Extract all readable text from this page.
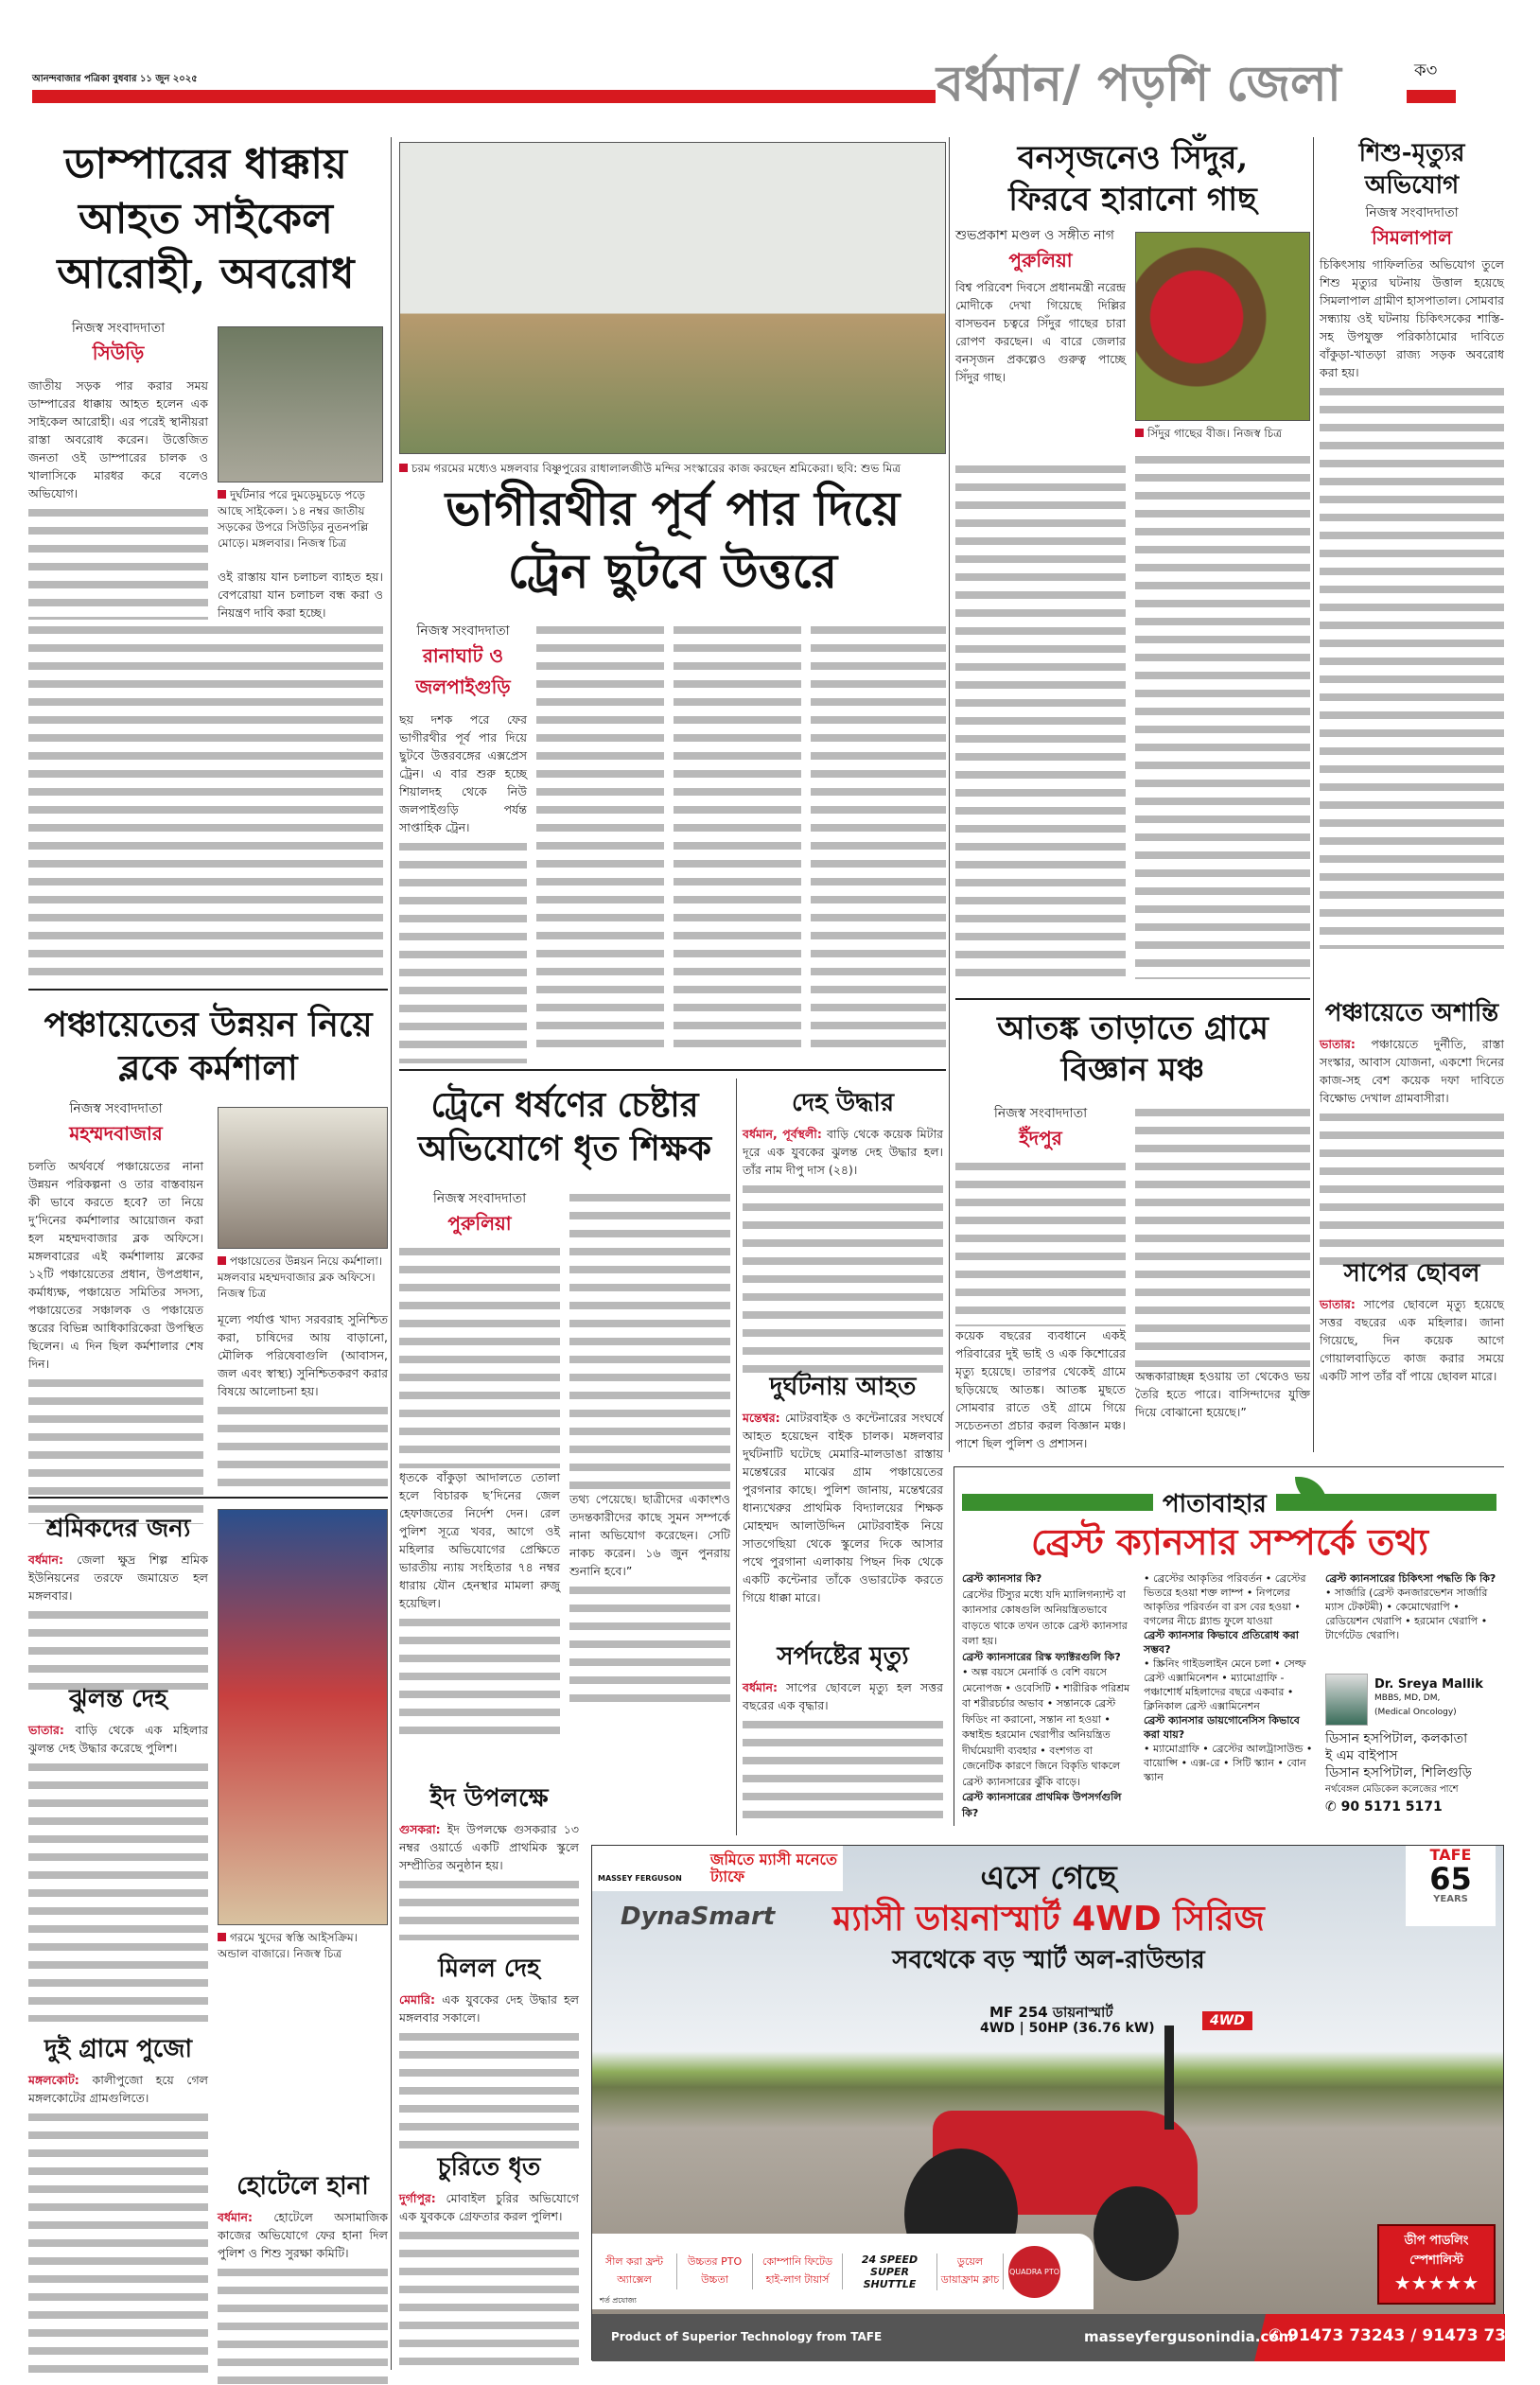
আনন্দবাজার পত্রিকা বুধবার ১১ জুন ২০২৫	বর্ধমান/ পড়শি জেলা	ক৩
ডাম্পারের ধাক্কায় আহত সাইকেল আরোহী, অবরোধ
নিজস্ব সংবাদদাতা
সিউড়ি
জাতীয় সড়ক পার করার সময় ডাম্পারের ধাক্কায় আহত হলেন এক সাইকেল আরোহী। এর পরেই স্থানীয়রা রাস্তা অবরোধ করেন। উত্তেজিত জনতা ওই ডাম্পারের চালক ও খালাসিকে মারধর করে বলেও অভিযোগ।	দুর্ঘটনার পরে দুমড়েমুচড়ে পড়ে আছে সাইকেল। ১৪ নম্বর জাতীয় সড়কের উপরে সিউড়ির নুতনপল্লি মোড়ে। মঙ্গলবার। নিজস্ব চিত্র
ওই রাস্তায় যান চলাচল ব্যাহত হয়। বেপরোয়া যান চলাচল বন্ধ করা ও নিয়ন্ত্রণ দাবি করা হচ্ছে।
পঞ্চায়েতের উন্নয়ন নিয়ে ব্লকে কর্মশালা
নিজস্ব সংবাদদাতা
মহম্মদবাজার
চলতি অর্থবর্ষে পঞ্চায়েতের নানা উন্নয়ন পরিকল্পনা ও তার বাস্তবায়ন কী ভাবে করতে হবে? তা নিয়ে দু’দিনের কর্মশালার আয়োজন করা হল মহম্মদবাজার ব্লক অফিসে। মঙ্গলবারের এই কর্মশালায় ব্লকের ১২টি পঞ্চায়েতের প্রধান, উপপ্রধান, কর্মাধ্যক্ষ, পঞ্চায়েত সমিতির সদস্য, পঞ্চায়েতের সঞ্চালক ও পঞ্চায়েত স্তরের বিভিন্ন আধিকারিকেরা উপস্থিত ছিলেন। এ দিন ছিল কর্মশালার শেষ দিন।
পঞ্চায়েতের উন্নয়ন নিয়ে কর্মশালা। মঙ্গলবার মহম্মদবাজার ব্লক অফিসে। নিজস্ব চিত্র
মূল্যে পর্যাপ্ত খাদ্য সরবরাহ সুনিশ্চিত করা, চাষিদের আয় বাড়ানো, মৌলিক পরিষেবাগুলি (আবাসন, জল এবং স্বাস্থ্য) সুনিশ্চিতকরণ করার বিষয়ে আলোচনা হয়।
শ্রমিকদের জন্য
বর্ধমান: জেলা ক্ষুদ্র শিল্প শ্রমিক ইউনিয়নের তরফে জমায়েত হল মঙ্গলবার।
ঝুলন্ত দেহ
ভাতার: বাড়ি থেকে এক মহিলার ঝুলন্ত দেহ উদ্ধার করেছে পুলিশ।
গরমে খুদের স্বস্তি আইসক্রিম। অন্ডাল বাজারে। নিজস্ব চিত্র
দুই গ্রামে পুজো
মঙ্গলকোট: কালীপুজো হয়ে গেল মঙ্গলকোটের গ্রামগুলিতে।
হোটেলে হানা
বর্ধমান: হোটেলে অসামাজিক কাজের অভিযোগে ফের হানা দিল পুলিশ ও শিশু সুরক্ষা কমিটি।
চরম গরমের মধ্যেও মঙ্গলবার বিষ্ণুপুরের রাধালালজীউ মন্দির সংস্কারের কাজ করছেন শ্রমিকেরা। ছবি: শুভ মিত্র
ভাগীরথীর পূর্ব পার দিয়ে ট্রেন ছুটবে উত্তরে
নিজস্ব সংবাদদাতা
রানাঘাট ও জলপাইগুড়ি
ছয় দশক পরে ফের ভাগীরথীর পূর্ব পার দিয়ে ছুটবে উত্তরবঙ্গের এক্সপ্রেস ট্রেন। এ বার শুরু হচ্ছে শিয়ালদহ থেকে নিউ জলপাইগুড়ি পর্যন্ত সাপ্তাহিক ট্রেন।
ট্রেনে ধর্ষণের চেষ্টার অভিযোগে ধৃত শিক্ষক
নিজস্ব সংবাদদাতা
পুরুলিয়া
ধৃতকে বাঁকুড়া আদালতে তোলা হলে বিচারক ছ’দিনের জেল হেফাজতের নির্দেশ দেন। রেল পুলিশ সূত্রে খবর, আগে ওই মহিলার অভিযোগের প্রেক্ষিতে ভারতীয় ন্যায় সংহিতার ৭৪ নম্বর ধারায় যৌন হেনস্থার মামলা রুজু হয়েছিল।
তথ্য পেয়েছে। ছাত্রীদের একাংশও তদন্তকারীদের কাছে সুমন সম্পর্কে নানা অভিযোগ করেছেন। সেটি নাকচ করেন। ১৬ জুন পুনরায় শুনানি হবে।”
দেহ উদ্ধার
বর্ধমান, পূর্বস্থলী: বাড়ি থেকে কয়েক মিটার দূরে এক যুবকের ঝুলন্ত দেহ উদ্ধার হল। তাঁর নাম দীপু দাস (২৪)।
দুর্ঘটনায় আহত
মন্তেশ্বর: মোটরবাইক ও কন্টেনারের সংঘর্ষে আহত হয়েছেন বাইক চালক। মঙ্গলবার দুর্ঘটনাটি ঘটেছে মেমারি-মালডাঙা রাস্তায় মন্তেশ্বরের মাঝের গ্রাম পঞ্চায়েতের পুরগনার কাছে। পুলিশ জানায়, মন্তেশ্বরের ধান্যখেরুর প্রাথমিক বিদ্যালয়ের শিক্ষক মোহম্মদ আলাউদ্দিন মোটরবাইক নিয়ে সাতগেছিয়া থেকে স্কুলের দিকে আসার পথে পুরগানা এলাকায় পিছন দিক থেকে একটি কন্টেনার তাঁকে ওভারটেক করতে গিয়ে ধাক্কা মারে।
সর্পদষ্টের মৃত্যু
বর্ধমান: সাপের ছোবলে মৃত্যু হল সত্তর বছরের এক বৃদ্ধার।
ইদ উপলক্ষে
গুসকরা: ইদ উপলক্ষে গুসকরার ১৩ নম্বর ওয়ার্ডে একটি প্রাথমিক স্কুলে সম্প্রীতির অনুষ্ঠান হয়।
মিলল দেহ
মেমারি: এক যুবকের দেহ উদ্ধার হল মঙ্গলবার সকালে।
চুরিতে ধৃত
দুর্গাপুর: মোবাইল চুরির অভিযোগে এক যুবককে গ্রেফতার করল পুলিশ।
বনসৃজনেও সিঁদুর, ফিরবে হারানো গাছ
শুভপ্রকাশ মণ্ডল ও সঙ্গীত নাগ
পুরুলিয়া
বিশ্ব পরিবেশ দিবসে প্রধানমন্ত্রী নরেন্দ্র মোদীকে দেখা গিয়েছে দিল্লির বাসভবন চত্বরে সিঁদুর গাছের চারা রোপণ করছেন। এ বারে জেলার বনসৃজন প্রকল্পেও গুরুত্ব পাচ্ছে সিঁদুর গাছ।
সিঁদুর গাছের বীজ। নিজস্ব চিত্র
শিশু-মৃত্যুর অভিযোগ
নিজস্ব সংবাদদাতা
সিমলাপাল
চিকিৎসায় গাফিলতির অভিযোগ তুলে শিশু মৃত্যুর ঘটনায় উত্তাল হয়েছে সিমলাপাল গ্রামীণ হাসপাতাল। সোমবার সন্ধ্যায় ওই ঘটনায় চিকিৎসকের শাস্তি-সহ উপযুক্ত পরিকাঠামোর দাবিতে বাঁকুড়া-খাতড়া রাজ্য সড়ক অবরোধ করা হয়।
পঞ্চায়েতে অশান্তি
ভাতার: পঞ্চায়েতে দুর্নীতি, রাস্তা সংস্কার, আবাস যোজনা, একশো দিনের কাজ-সহ বেশ কয়েক দফা দাবিতে বিক্ষোভ দেখাল গ্রামবাসীরা।
সাপের ছোবল
ভাতার: সাপের ছোবলে মৃত্যু হয়েছে সত্তর বছরের এক মহিলার। জানা গিয়েছে, দিন কয়েক আগে গোয়ালবাড়িতে কাজ করার সময়ে একটি সাপ তাঁর বাঁ পায়ে ছোবল মারে।
আতঙ্ক তাড়াতে গ্রামে বিজ্ঞান মঞ্চ
নিজস্ব সংবাদদাতা
ইঁদপুর
কয়েক বছরের ব্যবধানে একই পরিবারের দুই ভাই ও এক কিশোরের মৃত্যু হয়েছে। তারপর থেকেই গ্রামে ছড়িয়েছে আতঙ্ক। আতঙ্ক মুছতে সোমবার রাতে ওই গ্রামে গিয়ে সচেতনতা প্রচার করল বিজ্ঞান মঞ্চ। পাশে ছিল পুলিশ ও প্রশাসন।
অন্ধকারাচ্ছন্ন হওয়ায় তা থেকেও ভয় তৈরি হতে পারে। বাসিন্দাদের যুক্তি দিয়ে বোঝানো হয়েছে।”
পাতাবাহার
ব্রেস্ট ক্যানসার সম্পর্কে তথ্য
ব্রেস্ট ক্যানসার কি?
ব্রেস্টের টিস্যুর মধ্যে যদি ম্যালিগন্যান্ট বা ক্যানসার কোষগুলি অনিয়ন্ত্রিতভাবে বাড়তে থাকে তখন তাকে ব্রেস্ট ক্যানসার বলা হয়।
ব্রেস্ট ক্যানসারের রিস্ক ফ্যাক্টরগুলি কি?
• অল্প বয়সে মেনার্কি ও বেশি বয়সে মেনোপজ • ওবেসিটি • শারীরিক পরিশ্রম বা শরীরচর্চার অভাব • সন্তানকে ব্রেস্ট ফিডিং না করানো, সন্তান না হওয়া • কম্বাইন্ড হরমোন থেরাপীর অনিয়ন্ত্রিত দীর্ঘমেয়াদী ব্যবহার • বংশগত বা জেনেটিক কারণে জিনে বিকৃতি থাকলে ব্রেস্ট ক্যানসারের ঝুঁকি বাড়ে।
ব্রেস্ট ক্যানসারের প্রাথমিক উপসর্গগুলি কি?
• ব্রেস্টের আকৃতির পরিবর্তন • ব্রেস্টের ভিতরে হওয়া শক্ত লাম্প • নিপলের আকৃতির পরিবর্তন বা রস বের হওয়া • বগলের নীচে গ্ল্যান্ড ফুলে যাওয়া
ব্রেস্ট ক্যানসার কিভাবে প্রতিরোধ করা সম্ভব?
• স্ক্রিনিং গাইডলাইন মেনে চলা • সেল্ফ ব্রেস্ট এক্সামিনেশন • ম্যামোগ্রাফি - পঞ্চাশোর্ধ মহিলাদের বছরে একবার • ক্লিনিকাল ব্রেস্ট এক্সামিনেশন
ব্রেস্ট ক্যানসার ডায়গোনেসিস কিভাবে করা যায়?
• ম্যামোগ্রাফি • ব্রেস্টের আলট্রাসাউন্ড • বায়োপ্সি • এক্স-রে • সিটি স্ক্যান • বোন স্ক্যান
ব্রেস্ট ক্যানসারের চিকিৎসা পদ্ধতি কি কি?
• সার্জারি (ব্রেস্ট কনজারভেশন সার্জারি ম্যাস টেকটমী) • কেমোথেরাপি • রেডিয়েশন থেরাপি • হরমোন থেরাপি • টার্গেটেড থেরাপি।
Dr. Sreya Mallik
MBBS, MD, DM,
(Medical Oncology)
ডিসান হসপিটাল, কলকাতা
ই এম বাইপাস
ডিসান হসপিটাল, শিলিগুড়ি
নর্থবেঙ্গল মেডিকেল কলেজের পাশে
✆ 90 5171 5171
MASSEY FERGUSON
জমিতে ম্যাসী মনেতে ট্যাফে
DynaSmart
এসে গেছে
ম্যাসী ডায়নাস্মার্ট 4WD সিরিজ
সবথেকে বড় স্মার্ট অল-রাউন্ডার
TAFE
65
YEARS
MF 254 ডায়নাস্মার্ট
4WD | 50HP (36.76 kW)	4WD
সীল করা ফ্রন্ট অ্যাক্সেল
উচ্চতর PTO উচ্চতা
কোম্পানি ফিটেড হাই-লাগ টায়ার্স
24 SPEED SUPER SHUTTLE
ডুয়েল ডায়াফ্রাম ক্লাচ
QUADRA PTO
শর্ত প্রযোজ্য
ডীপ পাডলিং স্পেশালিস্ট
★★★★★
Product of Superior Technology from TAFE	masseyfergusonindia.com
✆ 91473 73243 / 91473 73246
